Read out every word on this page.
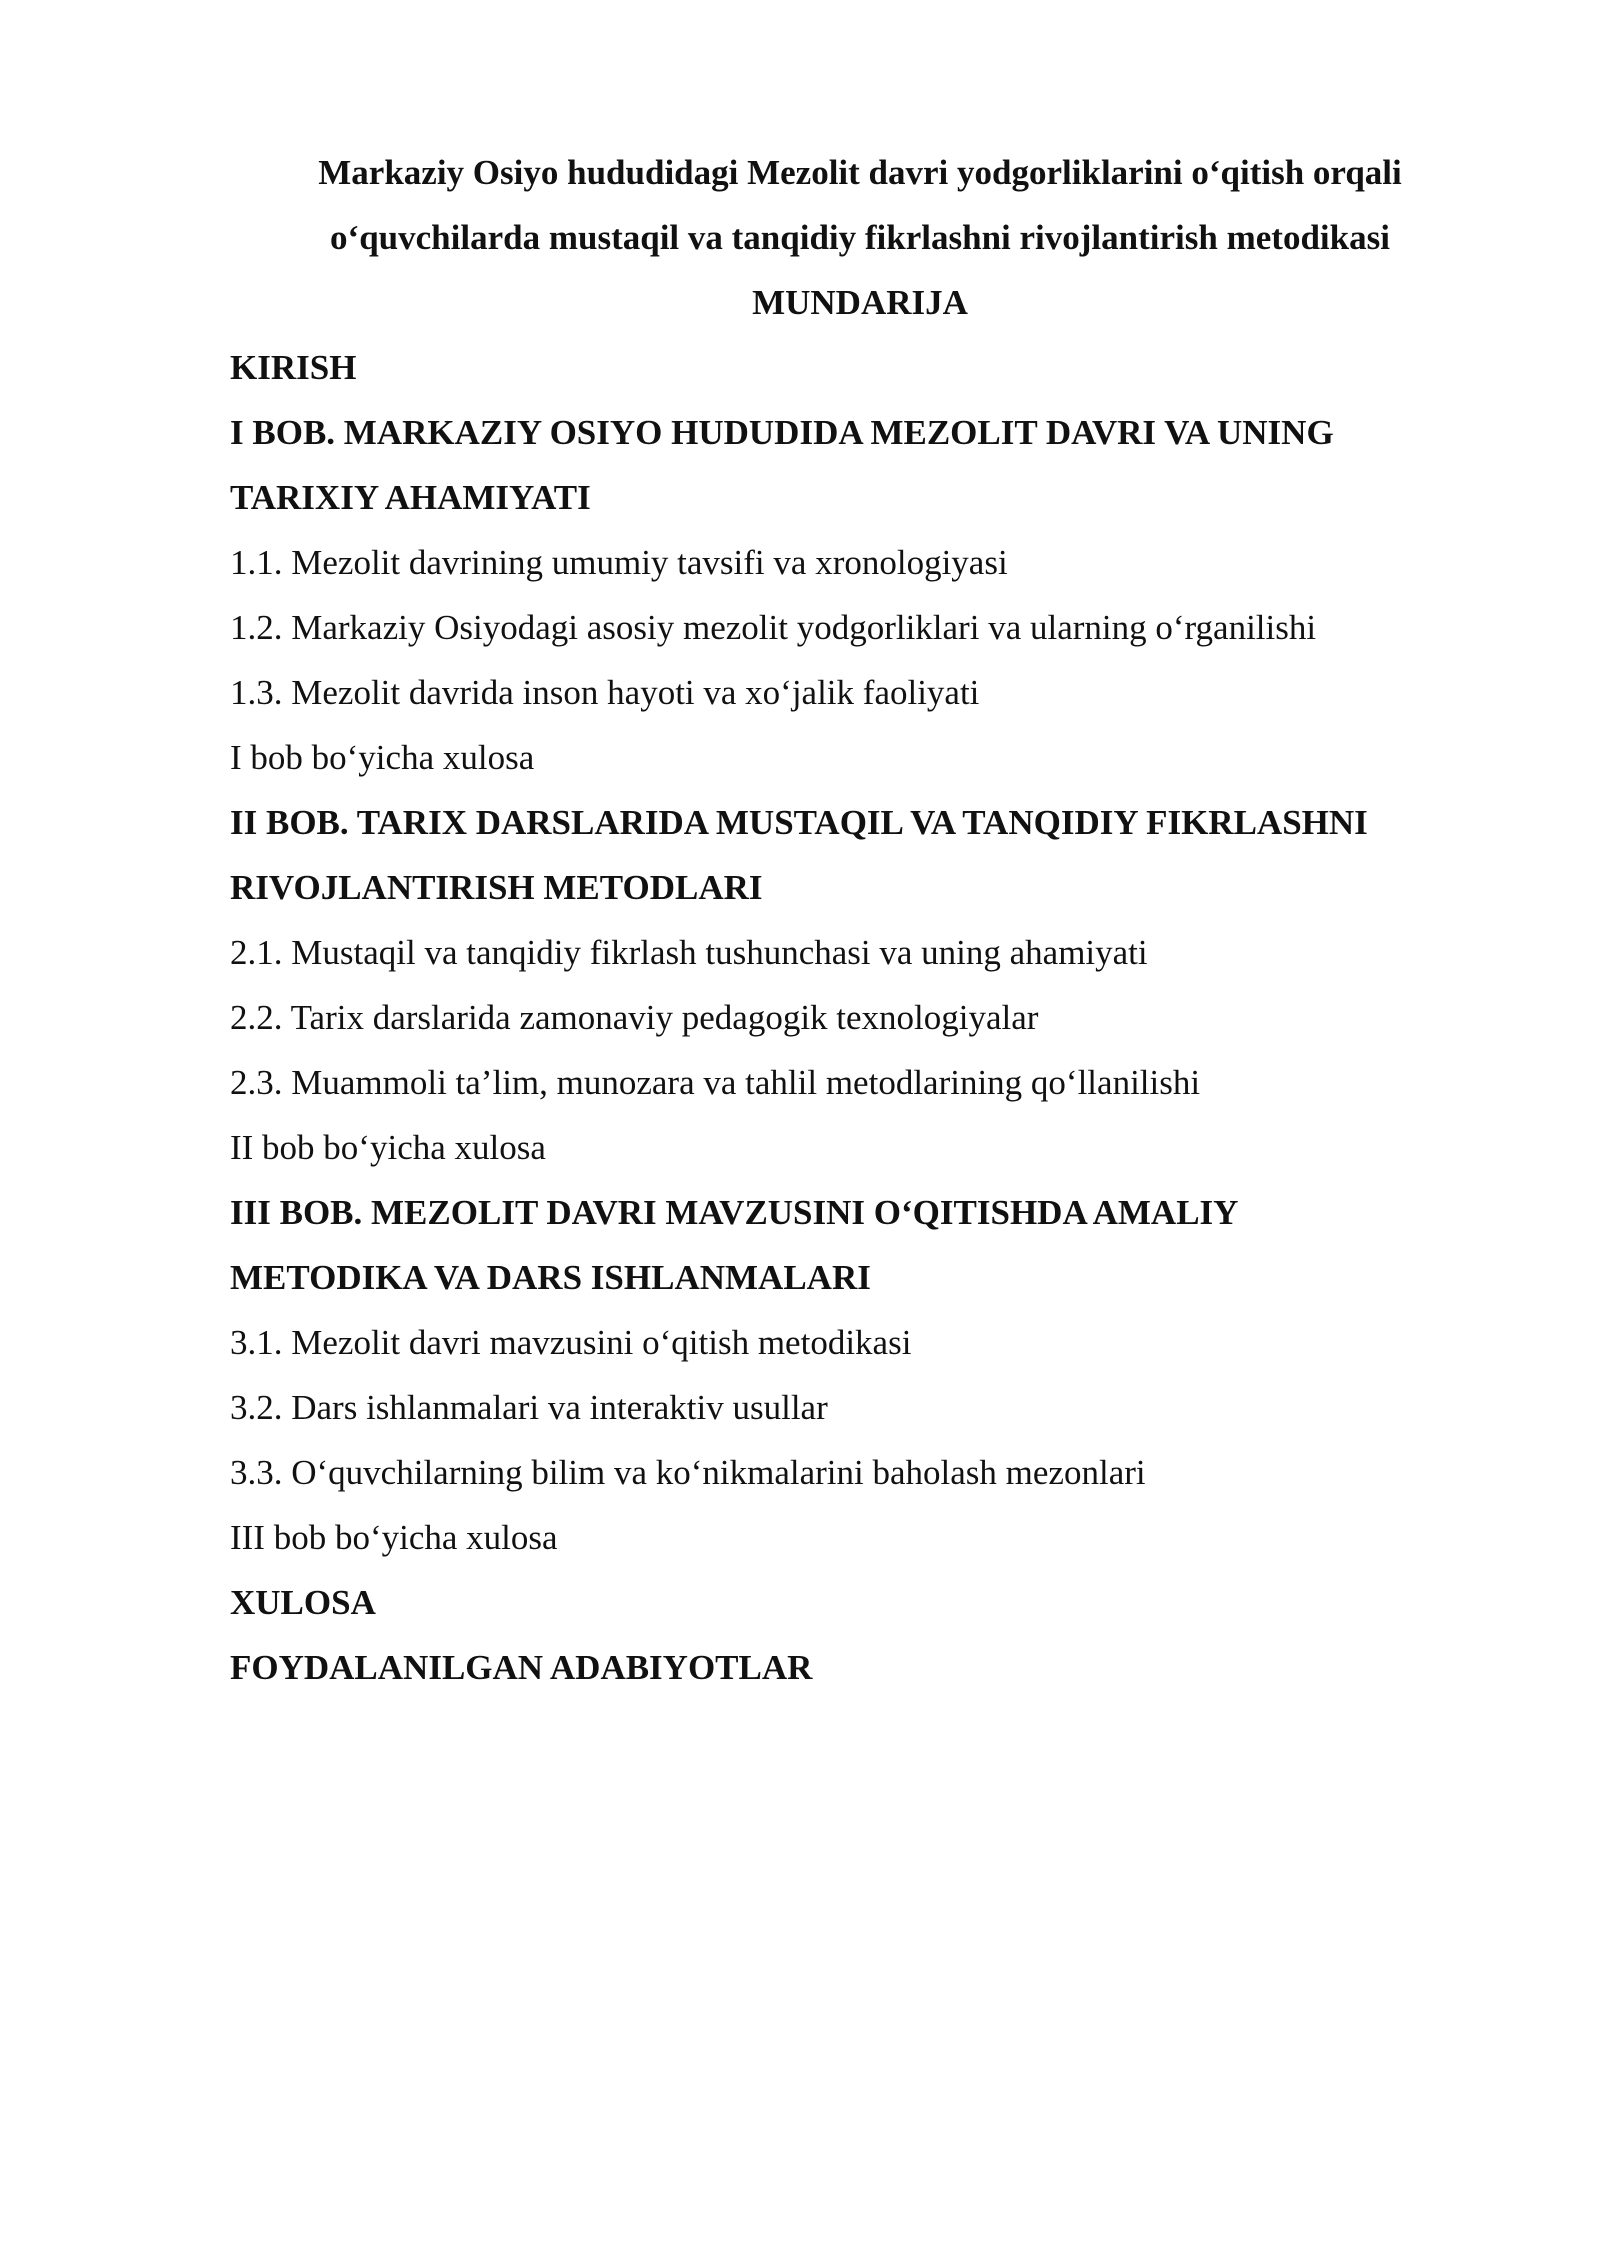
Markaziy Osiyo hududidagi Mezolit davri yodgorliklarini o‘qitish orqali
o‘quvchilarda mustaqil va tanqidiy fikrlashni rivojlantirish metodikasi
MUNDARIJA
KIRISH
I BOB. MARKAZIY OSIYO HUDUDIDA MEZOLIT DAVRI VA UNING
TARIXIY AHAMIYATI
1.1. Mezolit davrining umumiy tavsifi va xronologiyasi
1.2. Markaziy Osiyodagi asosiy mezolit yodgorliklari va ularning o‘rganilishi
1.3. Mezolit davrida inson hayoti va xo‘jalik faoliyati
I bob bo‘yicha xulosa
II BOB. TARIX DARSLARIDA MUSTAQIL VA TANQIDIY FIKRLASHNI
RIVOJLANTIRISH METODLARI
2.1. Mustaqil va tanqidiy fikrlash tushunchasi va uning ahamiyati
2.2. Tarix darslarida zamonaviy pedagogik texnologiyalar
2.3. Muammoli ta’lim, munozara va tahlil metodlarining qo‘llanilishi
II bob bo‘yicha xulosa
III BOB. MEZOLIT DAVRI MAVZUSINI O‘QITISHDA AMALIY
METODIKA VA DARS ISHLANMALARI
3.1. Mezolit davri mavzusini o‘qitish metodikasi
3.2. Dars ishlanmalari va interaktiv usullar
3.3. O‘quvchilarning bilim va ko‘nikmalarini baholash mezonlari
III bob bo‘yicha xulosa
XULOSA
FOYDALANILGAN ADABIYOTLAR
